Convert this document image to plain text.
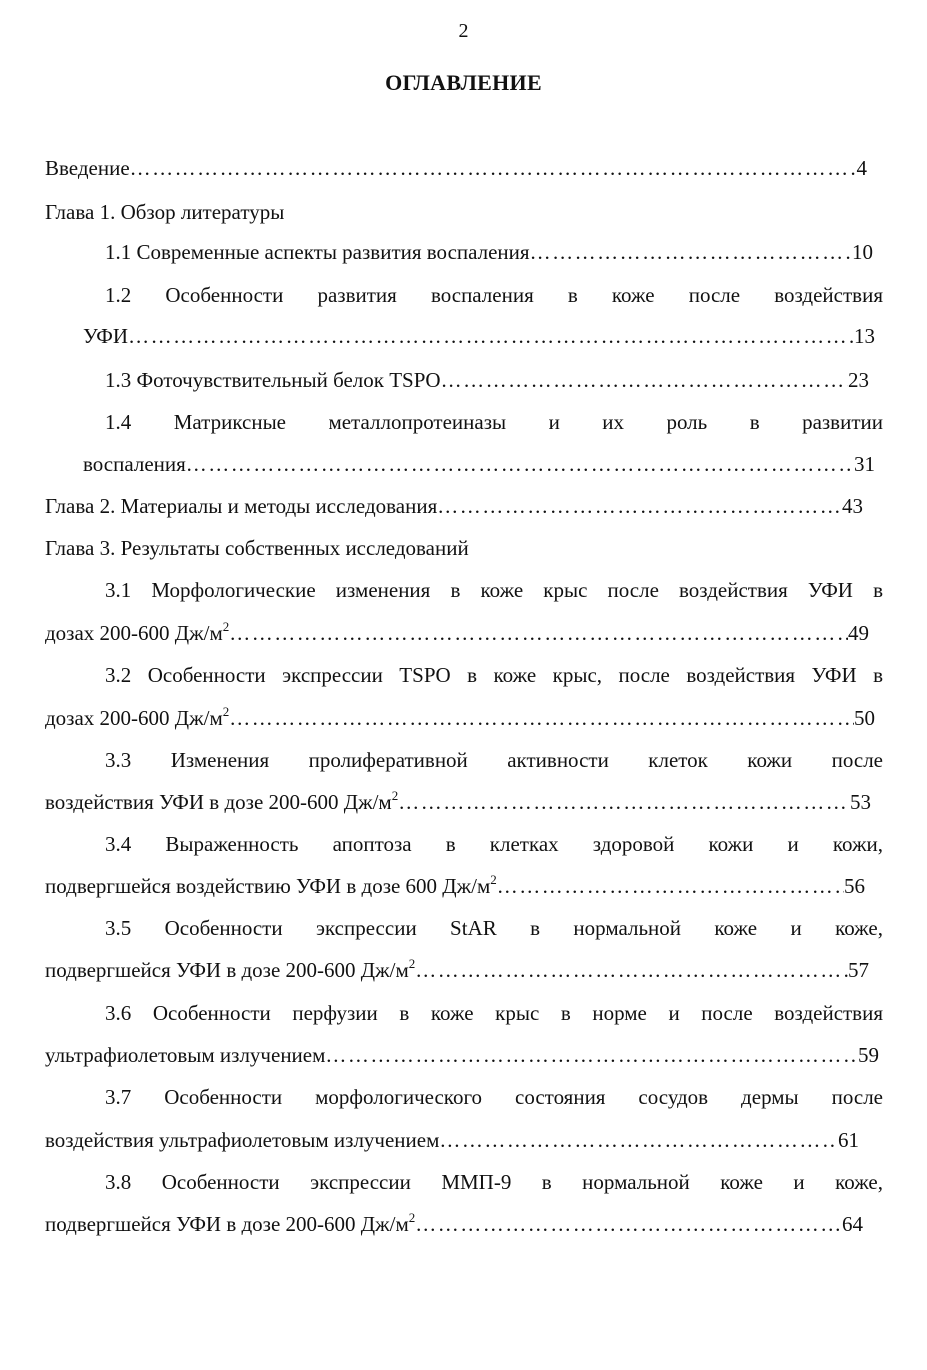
2
ОГЛАВЛЕНИЕ
Введение ……………………………………………………………………………………………………………………………………………………………………	4
Глава 1. Обзор литературы
1.1 Современные аспекты развития воспаления ……………………………………………………………………………………………………………………………………………………………………	10
1.2 Особенности развития воспаления в коже после воздействия
УФИ ……………………………………………………………………………………………………………………………………………………………………	13
1.3 Фоточувствительный белок TSPO ……………………………………………………………………………………………………………………………………………………………………	23
1.4 Матриксные металлопротеиназы и их роль в развитии
воспаления ……………………………………………………………………………………………………………………………………………………………………	31
Глава 2. Материалы и методы исследования ……………………………………………………………………………………………………………………………………………………………………	43
Глава 3. Результаты собственных исследований
3.1 Морфологические изменения в коже крыс после воздействия УФИ в
дозах 200-600 $Дж/м^2$ ……………………………………………………………………………………………………………………………………………………………………	49
3.2 Особенности экспрессии TSPO в коже крыс, после воздействия УФИ в
дозах 200-600 $Дж/м^2$ ……………………………………………………………………………………………………………………………………………………………………	50
3.3 Изменения пролиферативной активности клеток кожи после
воздействия УФИ в дозе 200-600 $Дж/м^2$ ……………………………………………………………………………………………………………………………………………………………………	53
3.4 Выраженность апоптоза в клетках здоровой кожи и кожи,
подвергшейся воздействию УФИ в дозе 600 $Дж/м^2$ ……………………………………………………………………………………………………………………………………………………………………	56
3.5 Особенности экспрессии StAR в нормальной коже и коже,
подвергшейся УФИ в дозе 200-600 $Дж/м^2$ ……………………………………………………………………………………………………………………………………………………………………	57
3.6 Особенности перфузии в коже крыс в норме и после воздействия
ультрафиолетовым излучением ……………………………………………………………………………………………………………………………………………………………………	59
3.7 Особенности морфологического состояния сосудов дермы после
воздействия ультрафиолетовым излучением ……………………………………………………………………………………………………………………………………………………………………	61
3.8 Особенности экспрессии ММП-9 в нормальной коже и коже,
подвергшейся УФИ в дозе 200-600 $Дж/м^2$ ……………………………………………………………………………………………………………………………………………………………………	64
